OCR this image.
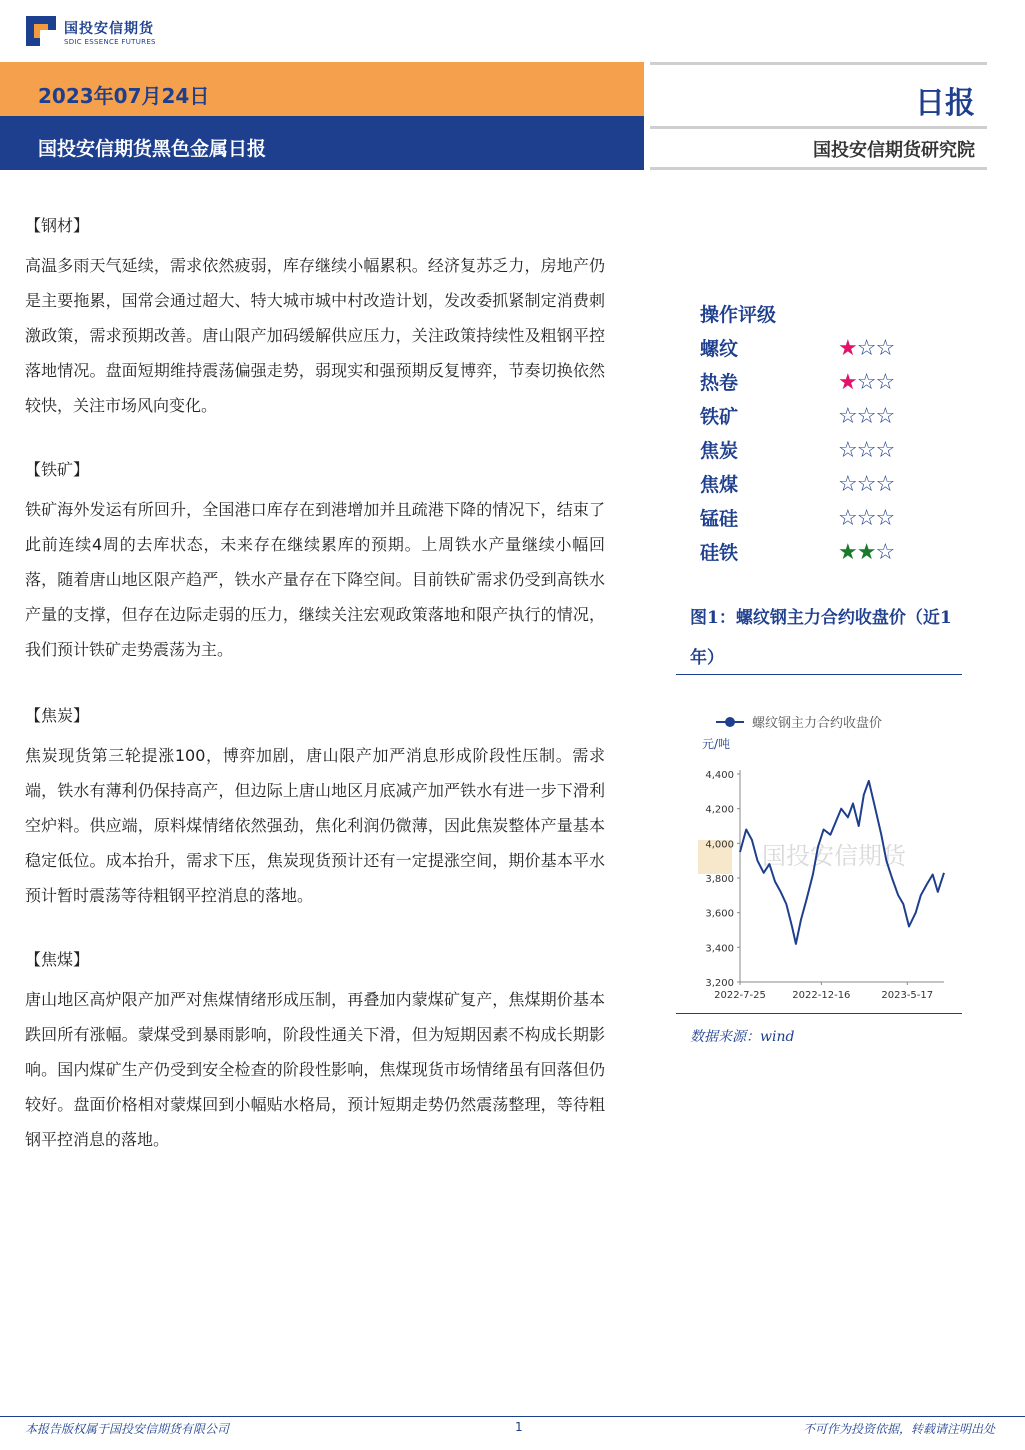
国投安信期货
SDIC ESSENCE FUTURES
2023年07月24日
国投安信期货黑色金属日报
日报
国投安信期货研究院

【钢材】

高温多雨天气延续，需求依然疲弱，库存继续小幅累积。经济复苏乏力，房地产仍是主要拖累，国常会通过超大、特大城市城中村改造计划，发改委抓紧制定消费刺激政策，需求预期改善。唐山限产加码缓解供应压力，关注政策持续性及粗钢平控落地情况。盘面短期维持震荡偏强走势，弱现实和强预期反复博弈，节奏切换依然较快，关注市场风向变化。

【铁矿】

铁矿海外发运有所回升，全国港口库存在到港增加并且疏港下降的情况下，结束了此前连续4周的去库状态，未来存在继续累库的预期。上周铁水产量继续小幅回落，随着唐山地区限产趋严，铁水产量存在下降空间。目前铁矿需求仍受到高铁水产量的支撑，但存在边际走弱的压力，继续关注宏观政策落地和限产执行的情况，我们预计铁矿走势震荡为主。

【焦炭】

焦炭现货第三轮提涨100，博弈加剧，唐山限产加严消息形成阶段性压制。需求端，铁水有薄利仍保持高产，但边际上唐山地区月底减产加严铁水有进一步下滑利空炉料。供应端，原料煤情绪依然强劲，焦化利润仍微薄，因此焦炭整体产量基本稳定低位。成本抬升，需求下压，焦炭现货预计还有一定提涨空间，期价基本平水预计暂时震荡等待粗钢平控消息的落地。

【焦煤】

唐山地区高炉限产加严对焦煤情绪形成压制，再叠加内蒙煤矿复产，焦煤期价基本跌回所有涨幅。蒙煤受到暴雨影响，阶段性通关下滑，但为短期因素不构成长期影响。国内煤矿生产仍受到安全检查的阶段性影响，焦煤现货市场情绪虽有回落但仍较好。盘面价格相对蒙煤回到小幅贴水格局，预计短期走势仍然震荡整理，等待粗钢平控消息的落地。

操作评级
螺纹	★☆☆
热卷	★☆☆
铁矿	☆☆☆
焦炭	☆☆☆
焦煤	☆☆☆
锰硅	☆☆☆
硅铁	★★☆
图1：螺纹钢主力合约收盘价（近1年）
国投安信期货
螺纹钢主力合约收盘价
元/吨
3,200
3,400
3,600
3,800
4,000
4,200
4,400
2022-7-25	2022-12-16	2023-5-17
数据来源：wind
本报告版权属于国投安信期货有限公司	1	不可作为投资依据，转载请注明出处
